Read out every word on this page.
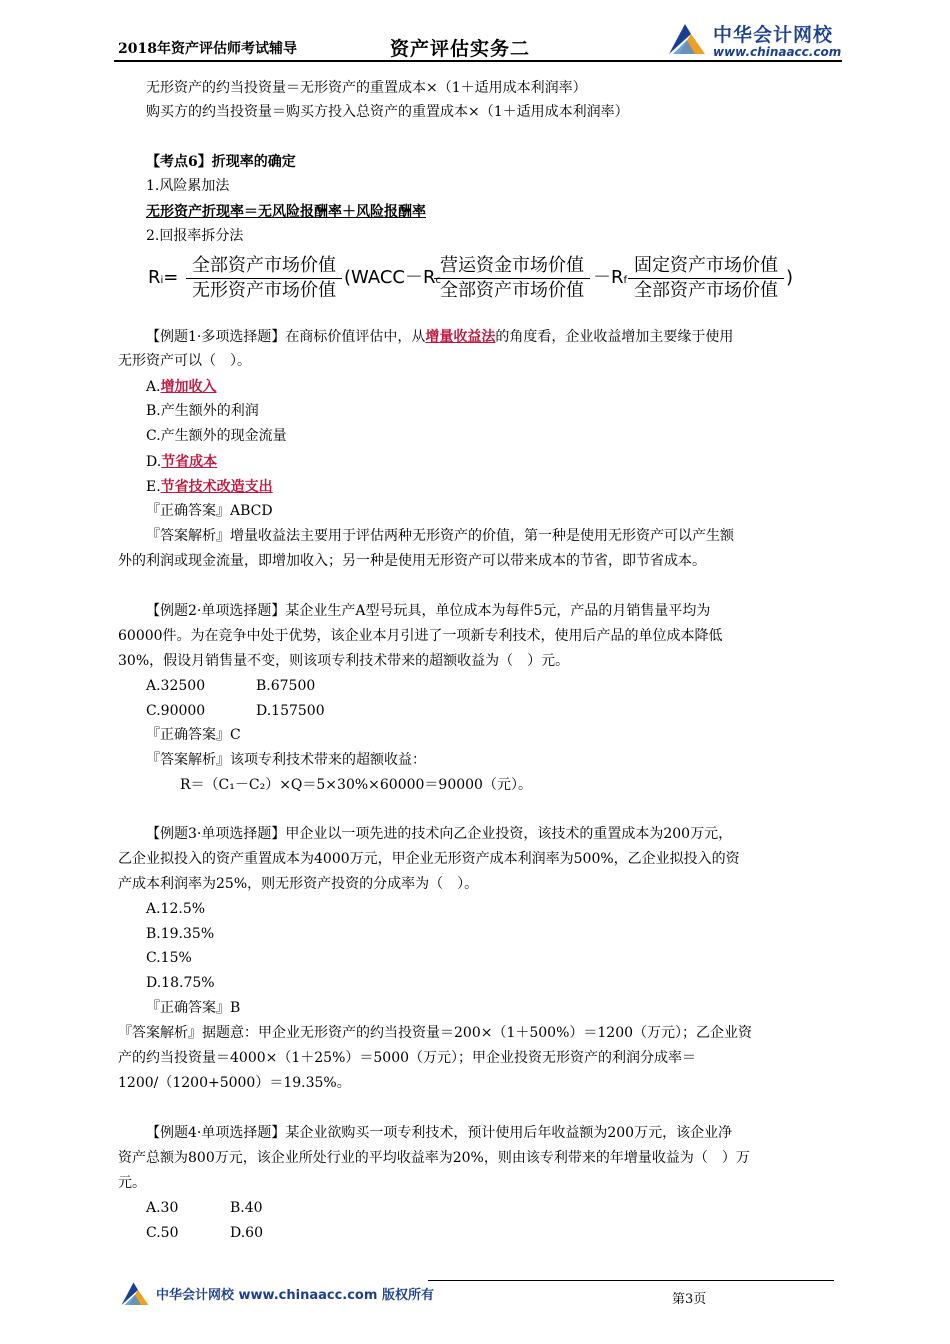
2018年资产评估师考试辅导	资产评估实务二
中华会计网校
www.chinaacc.com
无形资产的约当投资量＝无形资产的重置成本×（1＋适用成本利润率）
购买方的约当投资量＝购买方投入总资产的重置成本×（1＋适用成本利润率）
【考点6】折现率的确定
1.风险累加法
无形资产折现率＝无风险报酬率＋风险报酬率
2.回报率拆分法
Ri=
全部资产市场价值
无形资产市场价值
(WACC－Rc
营运资金市场价值
全部资产市场价值
－Rf
固定资产市场价值
全部资产市场价值
)
【例题1·多项选择题】在商标价值评估中，从增量收益法的角度看，企业收益增加主要缘于使用
无形资产可以（　）。
A.增加收入
B.产生额外的利润
C.产生额外的现金流量
D.节省成本
E.节省技术改造支出
『正确答案』ABCD
『答案解析』增量收益法主要用于评估两种无形资产的价值，第一种是使用无形资产可以产生额
外的利润或现金流量，即增加收入；另一种是使用无形资产可以带来成本的节省，即节省成本。
【例题2·单项选择题】某企业生产A型号玩具，单位成本为每件5元，产品的月销售量平均为
60000件。为在竞争中处于优势，该企业本月引进了一项新专利技术，使用后产品的单位成本降低
30%，假设月销售量不变，则该项专利技术带来的超额收益为（　）元。
A.32500	B.67500
C.90000	D.157500
『正确答案』C
『答案解析』该项专利技术带来的超额收益：
R＝（C₁－C₂）×Q＝5×30%×60000＝90000（元）。
【例题3·单项选择题】甲企业以一项先进的技术向乙企业投资，该技术的重置成本为200万元，
乙企业拟投入的资产重置成本为4000万元，甲企业无形资产成本利润率为500%，乙企业拟投入的资
产成本利润率为25%，则无形资产投资的分成率为（　）。
A.12.5%
B.19.35%
C.15%
D.18.75%
『正确答案』B
『答案解析』据题意：甲企业无形资产的约当投资量＝200×（1＋500%）＝1200（万元）；乙企业资
产的约当投资量＝4000×（1＋25%）＝5000（万元）；甲企业投资无形资产的利润分成率＝
1200/（1200+5000）＝19.35%。
【例题4·单项选择题】某企业欲购买一项专利技术，预计使用后年收益额为200万元，该企业净
资产总额为800万元，该企业所处行业的平均收益率为20%，则由该专利带来的年增量收益为（　）万
元。
A.30	B.40
C.50	D.60
中华会计网校 www.chinaacc.com 版权所有	第3页
